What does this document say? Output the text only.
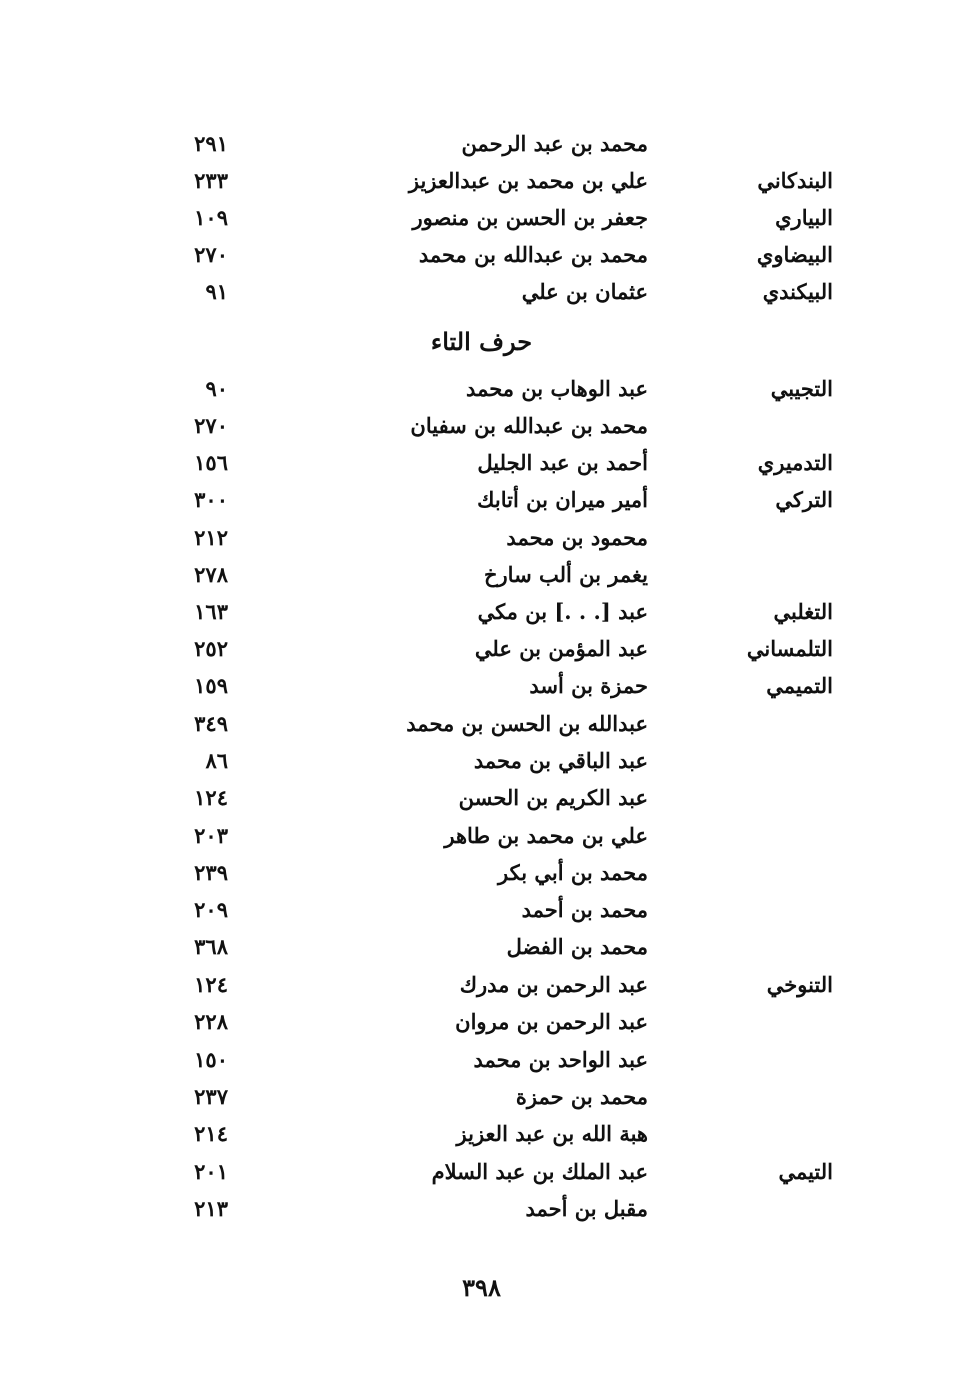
محمد بن عبد الرحمن
٢٩١
البندكاني
علي بن محمد بن عبدالعزيز
٢٣٣
البياري
جعفر بن الحسن بن منصور
١٠٩
البيضاوي
محمد بن عبدالله بن محمد
٢٧٠
البيكندي
عثمان بن علي
٩١
حرف التاء
التجيبي
عبد الوهاب بن محمد
٩٠
محمد بن عبدالله بن سفيان
٢٧٠
التدميري
أحمد بن عبد الجليل
١٥٦
التركي
أمير ميران بن أتابك
٣٠٠
محمود بن محمد
٢١٢
يغمر بن ألب سارخ
٢٧٨
التغلبي
عبد [. . .] بن مكي
١٦٣
التلمساني
عبد المؤمن بن علي
٢٥٢
التميمي
حمزة بن أسد
١٥٩
عبدالله بن الحسن بن محمد
٣٤٩
عبد الباقي بن محمد
٨٦
عبد الكريم بن الحسن
١٢٤
علي بن محمد بن طاهر
٢٠٣
محمد بن أبي بكر
٢٣٩
محمد بن أحمد
٢٠٩
محمد بن الفضل
٣٦٨
التنوخي
عبد الرحمن بن مدرك
١٢٤
عبد الرحمن بن مروان
٢٢٨
عبد الواحد بن محمد
١٥٠
محمد بن حمزة
٢٣٧
هبة الله بن عبد العزيز
٢١٤
التيمي
عبد الملك بن عبد السلام
٢٠١
مقبل بن أحمد
٢١٣
٣٩٨
